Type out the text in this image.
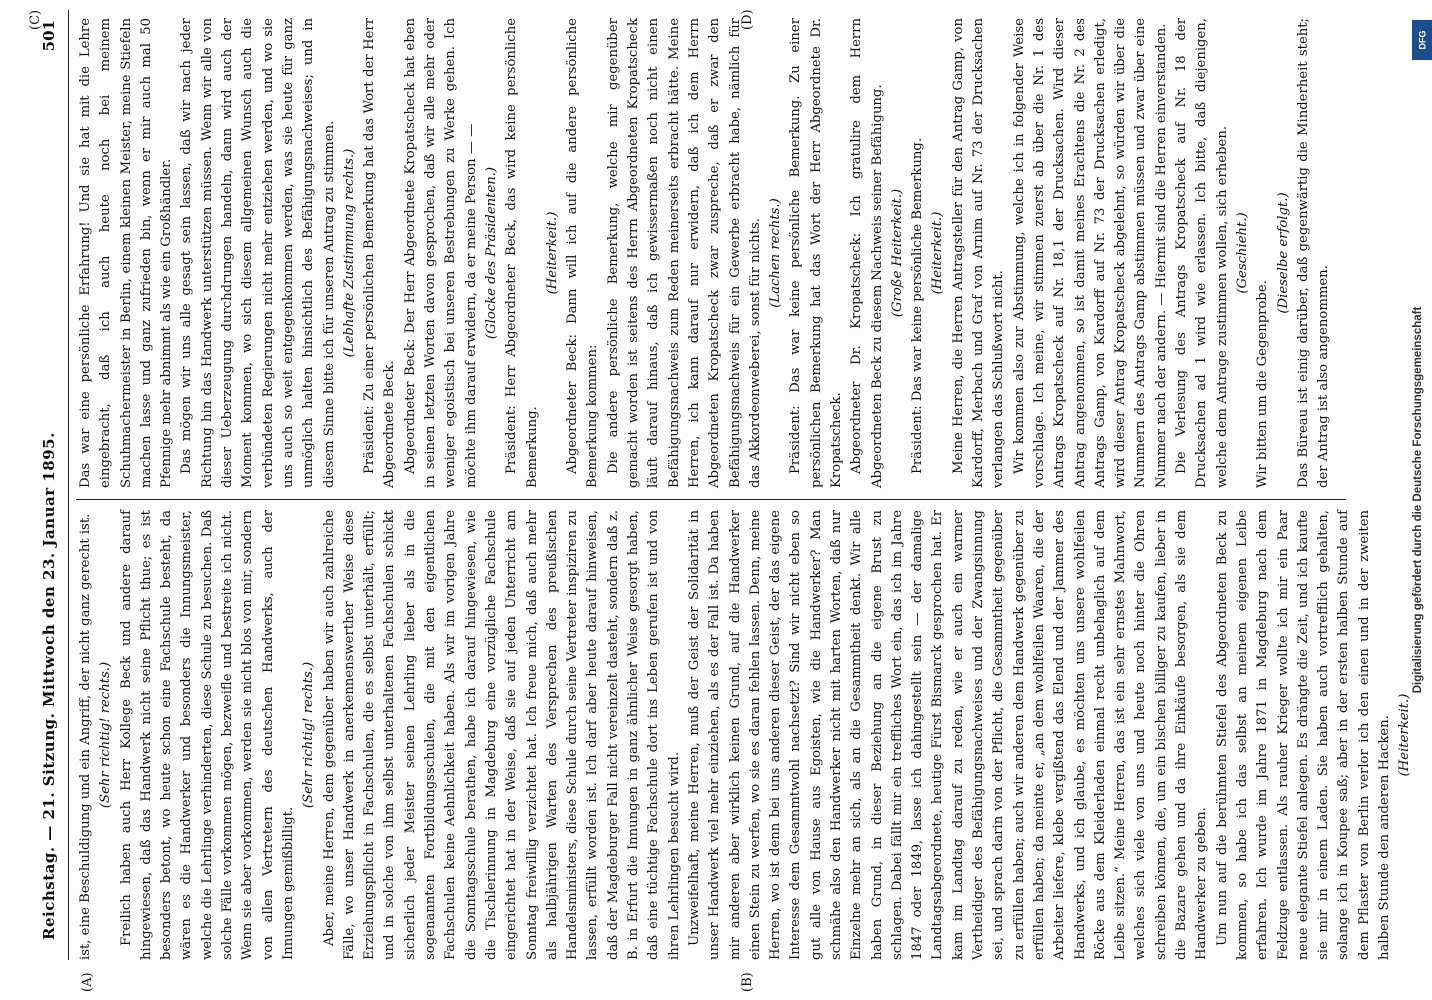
Reichstag. — 21. Sitzung. Mittwoch den 23. Januar 1895.
501
(A)	(B)
(C)	(D)

ist, eine Beschuldigung und ein Angriff, der nicht ganz gerecht ist. (Sehr richtig! rechts.) Freilich haben auch Herr Kollege Beck und andere darauf hingewiesen, daß das Handwerk nicht seine Pflicht thue; es ist besonders betont, wo heute schon eine Fachschule besteht, da wären es die Handwerker und besonders die Innungsmeister, welche die Lehrlinge verhinderten, diese Schule zu besuchen. Daß solche Fälle vorkommen mögen, bezweifle und bestreite ich nicht. Wenn sie aber vorkommen, werden sie nicht blos von mir, sondern von allen Vertretern des deutschen Handwerks, auch der Innungen gemißbilligt.

(Sehr richtig! rechts.) Aber, meine Herren, dem gegenüber haben wir auch zahlreiche Fälle, wo unser Handwerk in anerkennenswerther Weise diese Erziehungspflicht in Fachschulen, die es selbst unterhält, erfüllt; und in solche von ihm selbst unterhaltenen Fachschulen schickt sicherlich jeder Meister seinen Lehrling lieber als in die sogenannten Fortbildungsschulen, die mit den eigentlichen Fachschulen keine Aehnlichkeit haben. Als wir im vorigen Jahre die Sonntagsschule berathen, habe ich darauf hingewiesen, wie die Tischlerinnung in Magdeburg eine vorzügliche Fachschule eingerichtet hat in der Weise, daß sie auf jeden Unterricht am Sonntag freiwillig verzichtet hat. Ich freue mich, daß auch mehr als halbjährigen Warten des Versprechen des preußischen Handelsministers, diese Schule durch seine Vertreter inspiziren zu lassen, erfüllt worden ist. Ich darf aber heute darauf hinweisen, daß der Magdeburger Fall nicht vereinzelt dasteht, sondern daß z. B. in Erfurt die Innungen in ganz ähnlicher Weise gesorgt haben, daß eine tüchtige Fachschule dort ins Leben gerufen ist und von ihren Lehrlingen besucht wird. Unzweifelhaft, meine Herren, muß der Geist der Solidarität in unser Handwerk viel mehr einziehen, als es der Fall ist. Da haben mir anderen aber wirklich keinen Grund, auf die Handwerker einen Stein zu werfen, wo sie es daran fehlen lassen. Denn, meine Herren, wo ist denn bei uns anderen dieser Geist, der das eigene Interesse dem Gesammtwohl nachsetzt? Sind wir nicht eben so gut alle von Hause aus Egoisten, wie die Handwerker? Man schmähe also den Handwerker nicht mit harten Worten, daß nur Einzelne mehr an sich, als an die Gesammtheit denkt. Wir alle haben Grund, in dieser Beziehung an die eigene Brust zu schlagen. Dabei fällt mir ein treffliches Wort ein, das ich im Jahre 1847 oder 1849, lasse ich dahingestellt sein — der damalige Landtagsabgeordnete, heutige Fürst Bismarck gesprochen hat. Er kam im Landtag darauf zu reden, wie er auch ein warmer Vertheidiger des Befähigungsnachweises und der Zwangsinnung sei, und sprach darin von der Pflicht, die Gesammtheit gegenüber zu erfüllen haben; auch wir anderen dem Handwerk gegenüber zu erfüllen haben; da meinte er, „an dem wohlfeilen Waaren, die der Arbeiter liefere, klebe vergißtend das Elend und der Jammer des Handwerks, und ich glaube, es möchten uns unsere wohlfeilen Röcke aus dem Kleiderladen einmal recht unbehaglich auf dem Leibe sitzen.“ Meine Herren, das ist ein sehr ernstes Mahnwort, welches sich viele von uns und heute noch hinter die Ohren schreiben können, die, um ein bischen billiger zu kaufen, lieber in die Bazare gehen und da ihre Einkäufe besorgen, als sie dem Handwerker zu geben. Um nun auf die berühmten Stiefel des Abgeordneten Beck zu kommen, so habe ich das selbst an meinem eigenen Leibe erfahren. Ich wurde im Jahre 1871 in Magdeburg nach dem Feldzuge entlassen. Als rauher Krieger wollte ich mir ein Paar neue elegante Stiefel anlegen. Es drängte die Zeit, und ich kaufte sie mir in einem Laden. Sie haben auch vortrefflich gehalten, solange ich in Koupee saß; aber in der ersten halben Stunde auf dem Pflaster von Berlin verlor ich den einen und in der zweiten halben Stunde den anderen Hacken. (Heiterkeit.)

Das war eine persönliche Erfahrung! Und sie hat mit die Lehre eingebracht, daß ich auch heute noch bei meinem Schuhmachermeister in Berlin, einem kleinen Meister, meine Stiefeln machen lasse und ganz zufrieden bin, wenn er mir auch mal 50 Pfennige mehr abnimmt als wie ein Großhändler. Das mögen wir uns alle gesagt sein lassen, daß wir nach jeder Richtung hin das Handwerk unterstützen müssen. Wenn wir alle von dieser Ueberzeugung durchdrungen handeln, dann wird auch der Moment kommen, wo sich diesem allgemeinen Wunsch auch die verbündeten Regierungen nicht mehr entziehen werden, und wo sie uns auch so weit entgegenkommen werden, was sie heute für ganz unmöglich halten hinsichtlich des Befähigungsnachweises; und in diesem Sinne bitte ich für unseren Antrag zu stimmen. (Lebhafte Zustimmung rechts.) Präsident: Zu einer persönlichen Bemerkung hat das Wort der Herr Abgeordnete Beck. Abgeordneter Beck: Der Herr Abgeordnete Kropatscheck hat eben in seinen letzten Worten davon gesprochen, daß wir alle mehr oder weniger egoistisch bei unseren Bestrebungen zu Werke gehen. Ich möchte ihm darauf erwidern, da er meine Person — — (Glocke des Präsidenten.) Präsident: Herr Abgeordneter Beck, das wird keine persönliche Bemerkung.

(Heiterkeit.) Abgeordneter Beck: Dann will ich auf die andere persönliche Bemerkung kommen: Die andere persönliche Bemerkung, welche mir gegenüber gemacht worden ist seitens des Herrn Abgeordneten Kropatscheck läuft darauf hinaus, daß ich gewissermaßen noch nicht einen Befähigungsnachweis zum Reden meinerseits erbracht hätte. Meine Herren, ich kann darauf nur erwidern, daß ich dem Herrn Abgeordneten Kropatscheck zwar zuspreche, daß er zwar den Befähigungsnachweis für ein Gewerbe erbracht habe, nämlich für das Akkordeonweberei, sonst für nichts. (Lachen rechts.) Präsident: Das war keine persönliche Bemerkung. Zu einer persönlichen Bemerkung hat das Wort der Herr Abgeordnete Dr. Kropatscheck. Abgeordneter Dr. Kropatscheck: Ich gratulire dem Herrn Abgeordneten Beck zu diesem Nachweis seiner Befähigung. (Große Heiterkeit.) Präsident: Das war keine persönliche Bemerkung. (Heiterkeit.) Meine Herren, die Herren Antragsteller für den Antrag Gamp, von Kardorff, Merbach und Graf von Arnim auf Nr. 73 der Drucksachen verlangen das Schlußwort nicht. Wir kommen also zur Abstimmung, welche ich in folgender Weise vorschlage. Ich meine, wir stimmen zuerst ab über die Nr. 1 des Antrags Kropatscheck auf Nr. 18,1 der Drucksachen. Wird dieser Antrag angenommen, so ist damit meines Erachtens die Nr. 2 des Antrags Gamp, von Kardorff auf Nr. 73 der Drucksachen erledigt, wird dieser Antrag Kropatscheck abgelehnt, so würden wir über die Nummern des Antrags Gamp abstimmen müssen und zwar über eine Nummer nach der andern. — Hiermit sind die Herren einverstanden. Die Verlesung des Antrags Kropatscheck auf Nr. 18 der Drucksachen ad 1 wird wie erlassen. Ich bitte, daß diejenigen, welche dem Antrage zustimmen wollen, sich erheben. (Geschieht.)

Wir bitten um die Gegenprobe.

(Dieselbe erfolgt.) Das Büreau ist einig darüber, daß gegenwärtig die Minderheit steht; der Antrag ist also angenommen.

DFG
Digitalisierung gefördert durch die Deutsche Forschungsgemeinschaft
